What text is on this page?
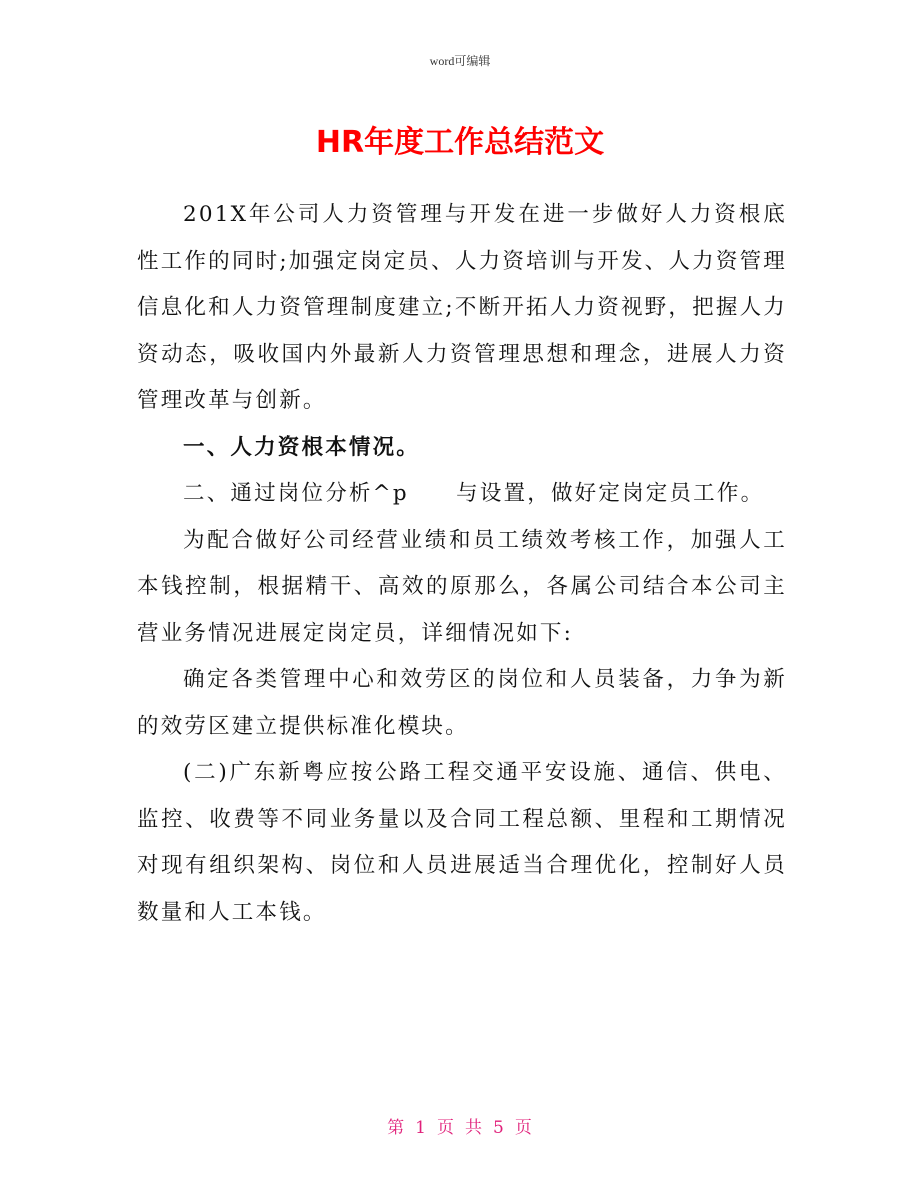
word可编辑
HR年度工作总结范文

201X年公司人力资管理与开发在进一步做好人力资根底性工作的同时;加强定岗定员、人力资培训与开发、人力资管理信息化和人力资管理制度建立;不断开拓人力资视野，把握人力资动态，吸收国内外最新人力资管理思想和理念，进展人力资管理改革与创新。

一、人力资根本情况。

二、通过岗位分析^p　　与设置，做好定岗定员工作。

为配合做好公司经营业绩和员工绩效考核工作，加强人工本钱控制，根据精干、高效的原那么，各属公司结合本公司主营业务情况进展定岗定员，详细情况如下:

确定各类管理中心和效劳区的岗位和人员装备，力争为新的效劳区建立提供标准化模块。

(二)广东新粤应按公路工程交通平安设施、通信、供电、监控、收费等不同业务量以及合同工程总额、里程和工期情况对现有组织架构、岗位和人员进展适当合理优化，控制好人员数量和人工本钱。

第 1 页 共 5 页
